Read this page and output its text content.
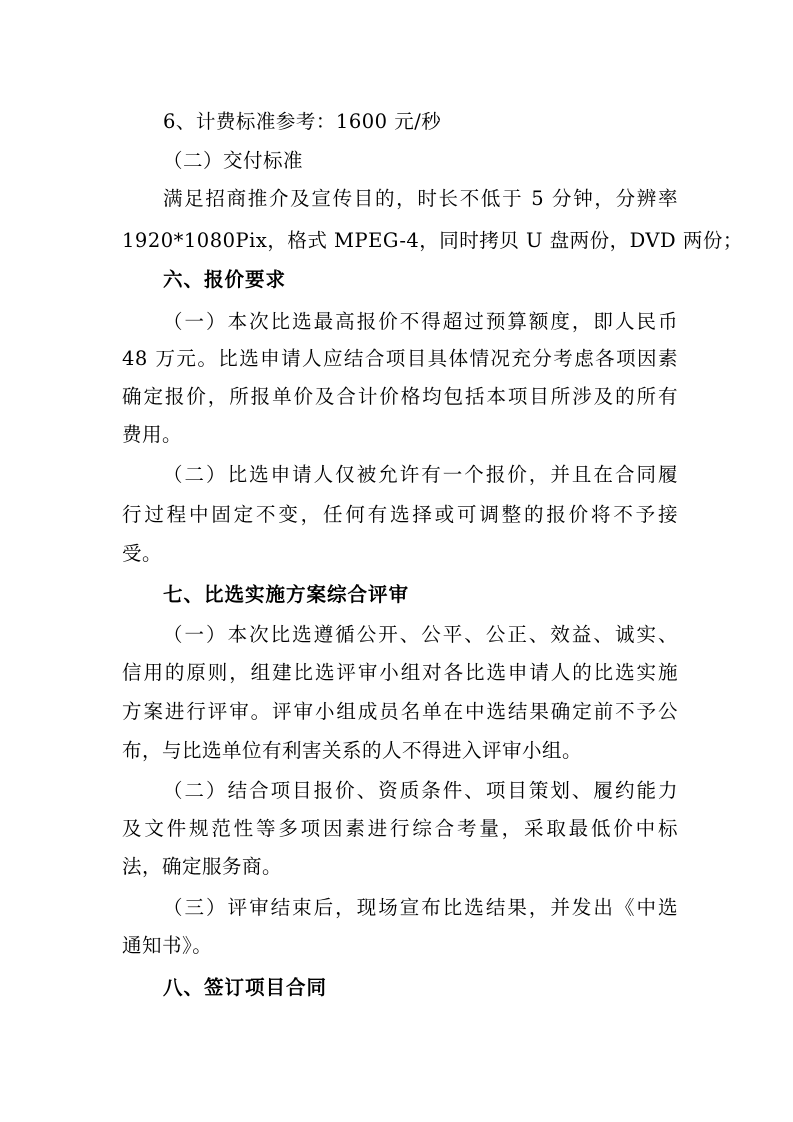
6、计费标准参考：1600 元/秒
（二）交付标准
满足招商推介及宣传目的，时长不低于 5 分钟，分辨率
1920*1080Pix，格式 MPEG-4，同时拷贝 U 盘两份，DVD 两份；
六、报价要求
（一）本次比选最高报价不得超过预算额度，即人民币
48 万元。比选申请人应结合项目具体情况充分考虑各项因素
确定报价，所报单价及合计价格均包括本项目所涉及的所有
费用。
（二）比选申请人仅被允许有一个报价，并且在合同履
行过程中固定不变，任何有选择或可调整的报价将不予接
受。
七、比选实施方案综合评审
（一）本次比选遵循公开、公平、公正、效益、诚实、
信用的原则，组建比选评审小组对各比选申请人的比选实施
方案进行评审。评审小组成员名单在中选结果确定前不予公
布，与比选单位有利害关系的人不得进入评审小组。
（二）结合项目报价、资质条件、项目策划、履约能力
及文件规范性等多项因素进行综合考量，采取最低价中标
法，确定服务商。
（三）评审结束后，现场宣布比选结果，并发出《中选
通知书》。
八、签订项目合同
